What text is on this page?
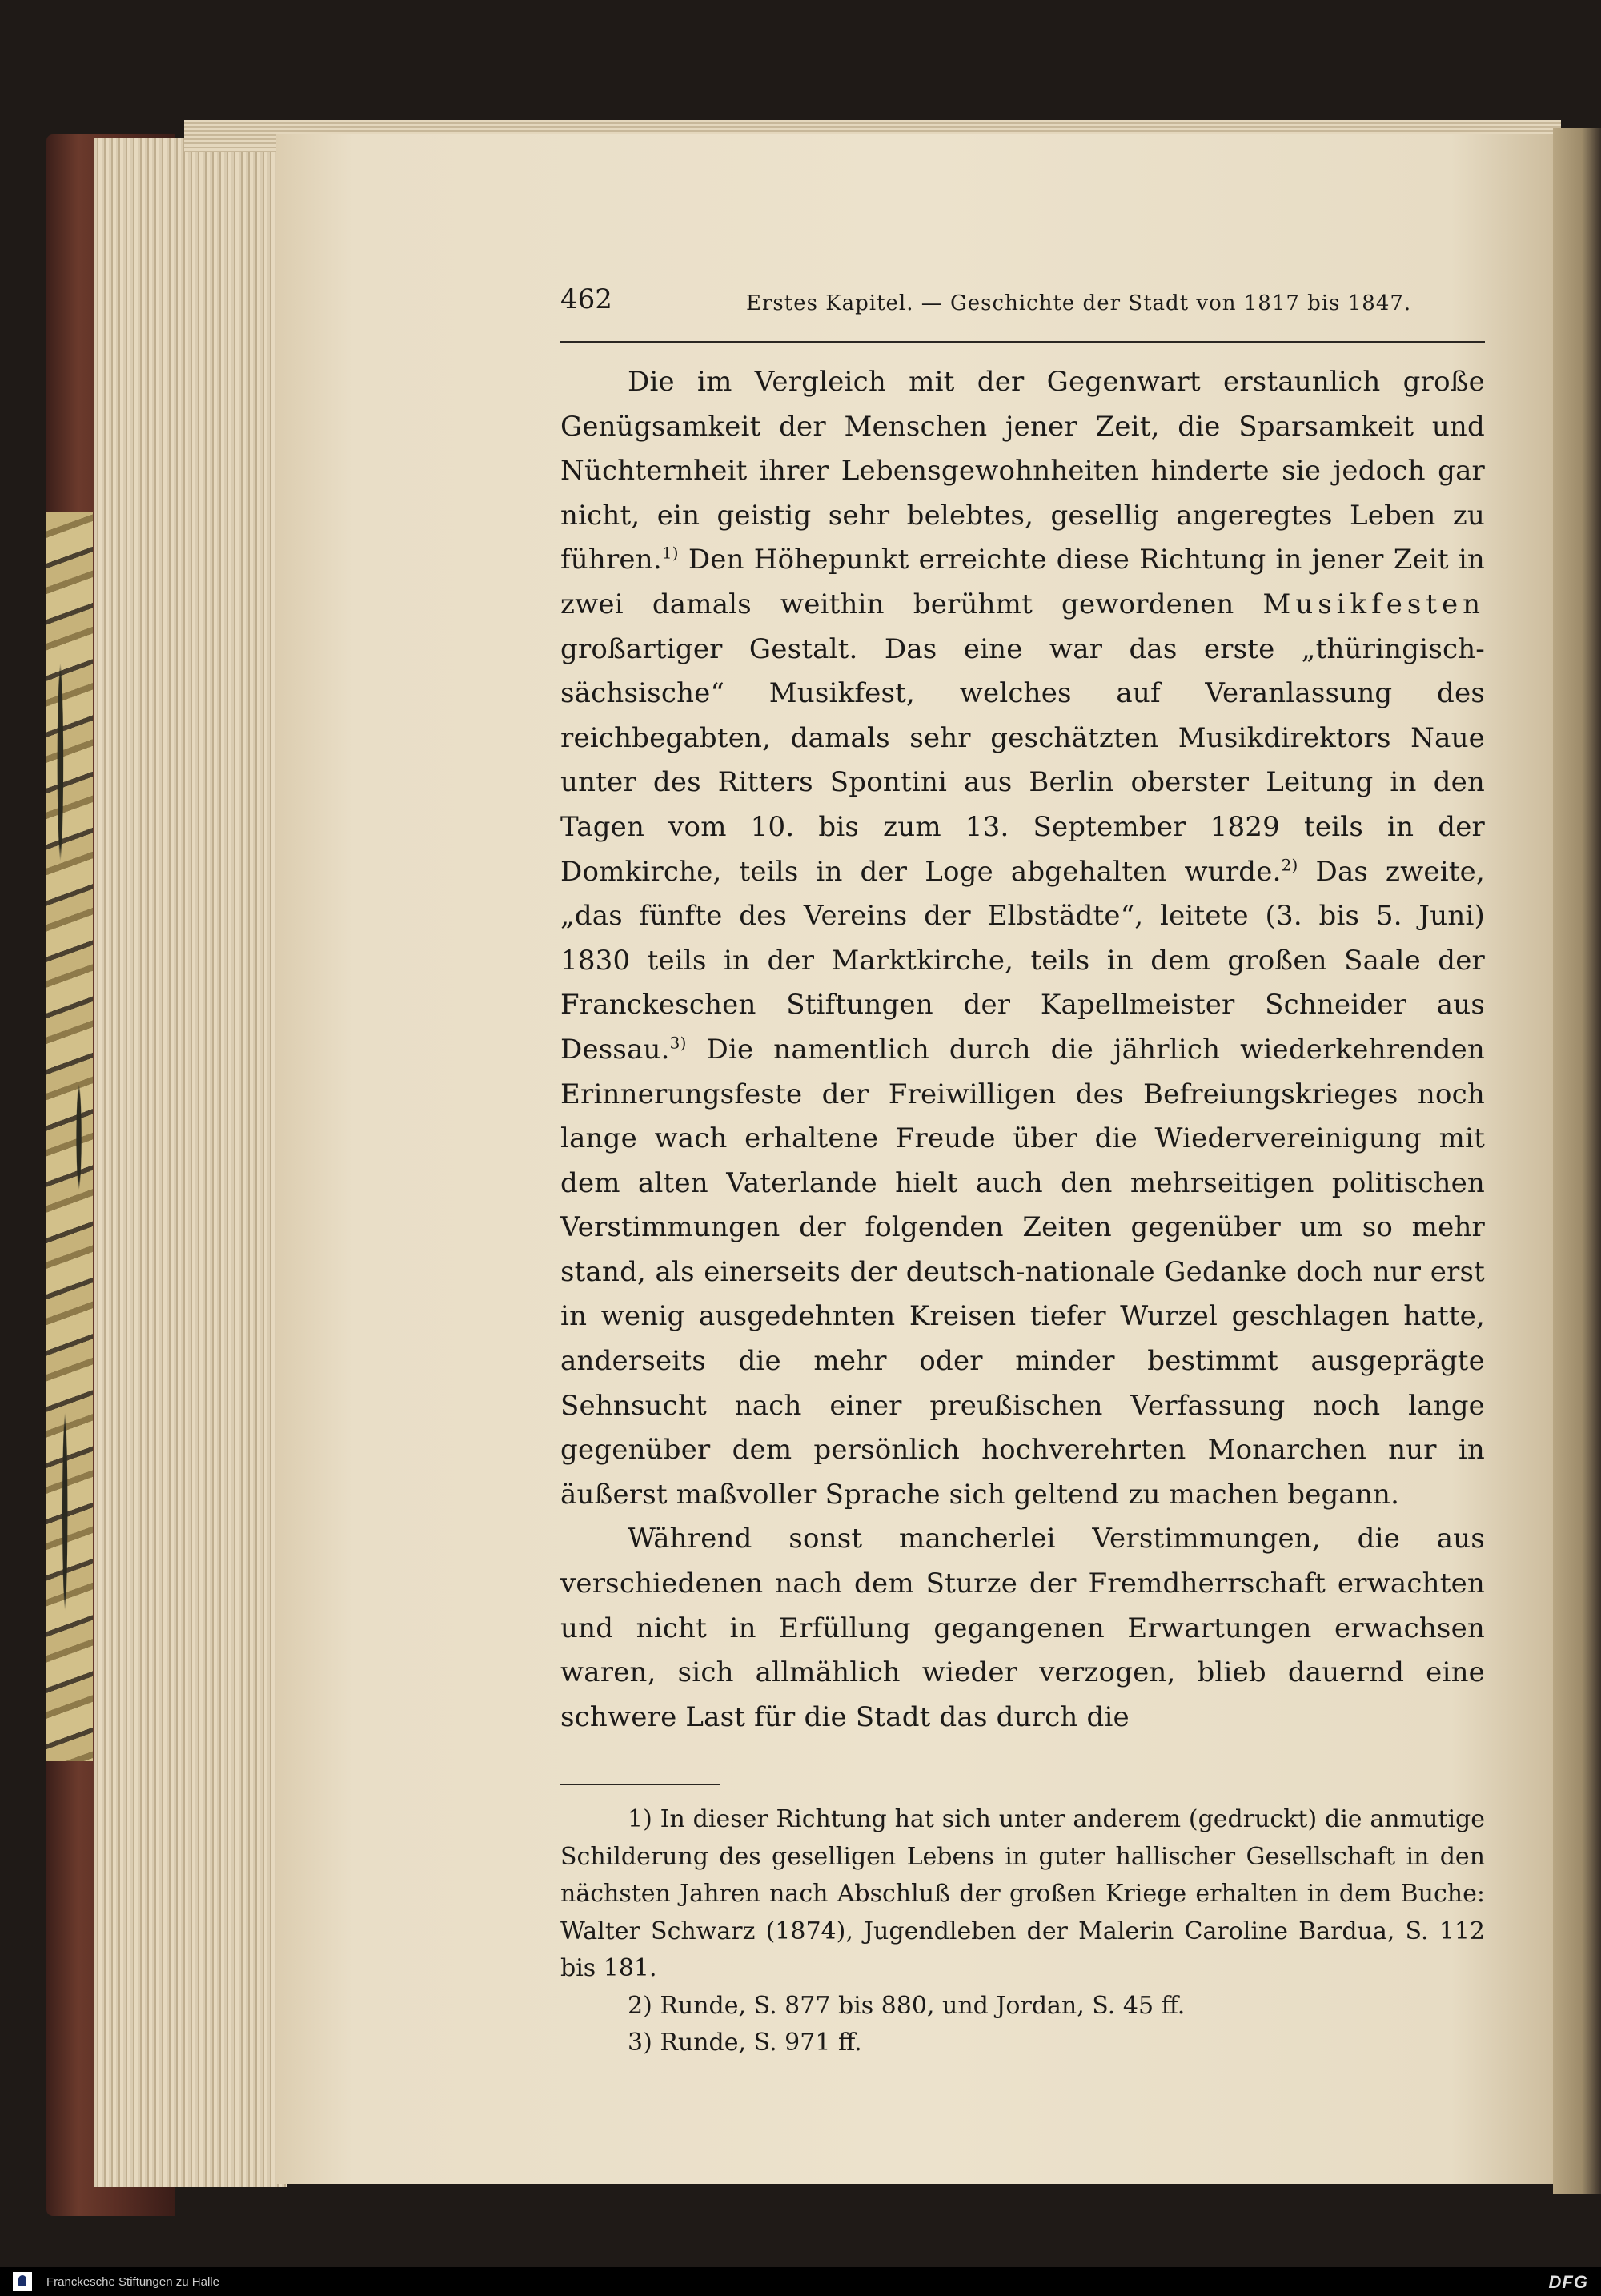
462	Erstes Kapitel. — Geschichte der Stadt von 1817 bis 1847.

Die im Vergleich mit der Gegenwart erstaunlich große Genügsamkeit der Menschen jener Zeit, die Sparsamkeit und Nüchternheit ihrer Lebensgewohnheiten hinderte sie jedoch gar nicht, ein geistig sehr belebtes, gesellig angeregtes Leben zu führen.$^{1)}$ Den Höhepunkt erreichte diese Richtung in jener Zeit in zwei damals weithin berühmt gewordenen Musikfesten großartiger Gestalt. Das eine war das erste „thüringisch-sächsische“ Musikfest, welches auf Veranlassung des reichbegabten, damals sehr geschätzten Musikdirektors Naue unter des Ritters Spontini aus Berlin oberster Leitung in den Tagen vom 10. bis zum 13. September 1829 teils in der Domkirche, teils in der Loge abgehalten wurde.$^{2)}$ Das zweite, „das fünfte des Vereins der Elbstädte“, leitete (3. bis 5. Juni) 1830 teils in der Marktkirche, teils in dem großen Saale der Franckeschen Stiftungen der Kapellmeister Schneider aus Dessau.$^{3)}$ Die namentlich durch die jährlich wiederkehrenden Erinnerungsfeste der Freiwilligen des Befreiungskrieges noch lange wach erhaltene Freude über die Wiedervereinigung mit dem alten Vaterlande hielt auch den mehrseitigen politischen Verstimmungen der folgenden Zeiten gegenüber um so mehr stand, als einerseits der deutsch-nationale Gedanke doch nur erst in wenig ausgedehnten Kreisen tiefer Wurzel geschlagen hatte, anderseits die mehr oder minder bestimmt ausgeprägte Sehnsucht nach einer preußischen Verfassung noch lange gegenüber dem persönlich hochverehrten Monarchen nur in äußerst maßvoller Sprache sich geltend zu machen begann.

Während sonst mancherlei Verstimmungen, die aus verschiedenen nach dem Sturze der Fremdherrschaft erwachten und nicht in Erfüllung gegangenen Erwartungen erwachsen waren, sich allmählich wieder verzogen, blieb dauernd eine schwere Last für die Stadt das durch die

1) In dieser Richtung hat sich unter anderem (gedruckt) die anmutige Schilderung des geselligen Lebens in guter hallischer Gesellschaft in den nächsten Jahren nach Abschluß der großen Kriege erhalten in dem Buche: Walter Schwarz (1874), Jugendleben der Malerin Caroline Bardua, S. 112 bis 181.

2) Runde, S. 877 bis 880, und Jordan, S. 45 ff.

3) Runde, S. 971 ff.

Franckesche Stiftungen zu Halle	DFG
